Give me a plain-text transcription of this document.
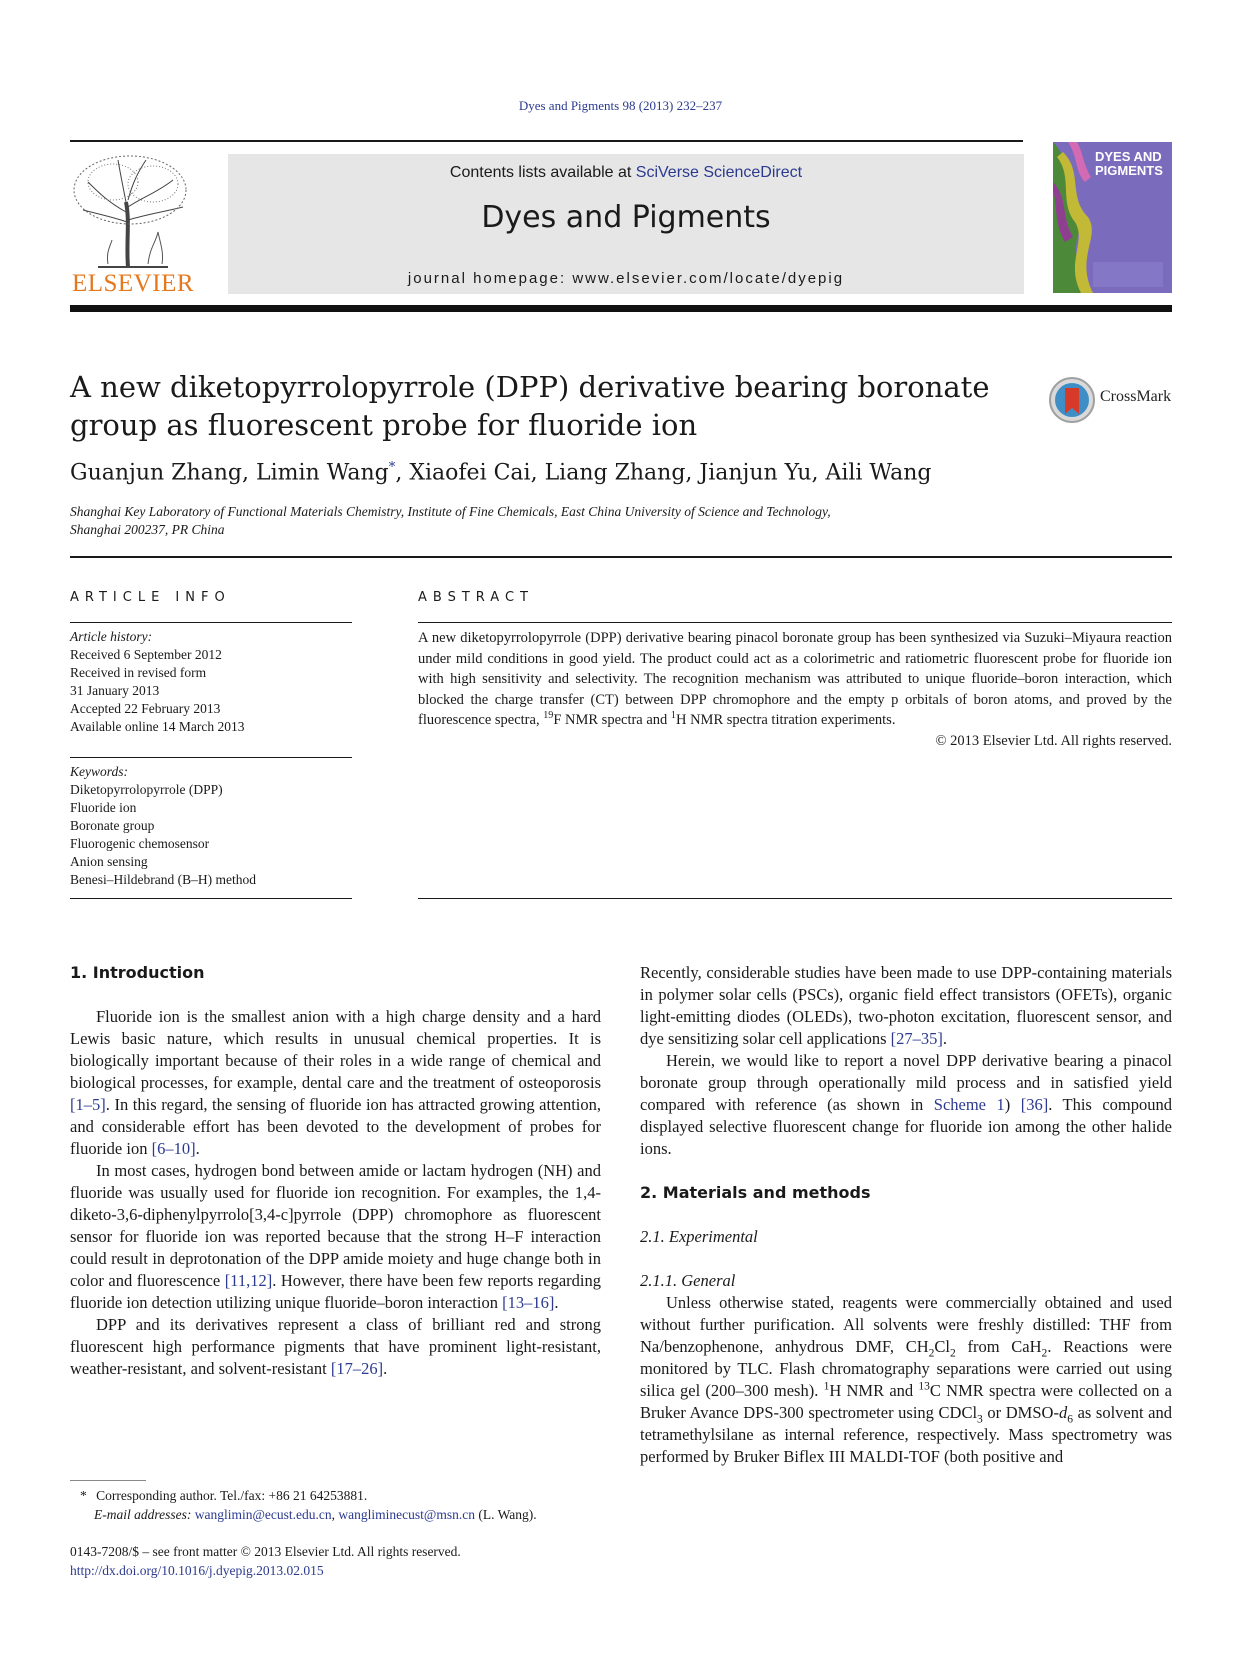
Dyes and Pigments 98 (2013) 232–237
ELSEVIER
Contents lists available at SciVerse ScienceDirect
Dyes and Pigments
journal homepage: www.elsevier.com/locate/dyepig
DYES AND PIGMENTS
A new diketopyrrolopyrrole (DPP) derivative bearing boronate group as fluorescent probe for fluoride ion
CrossMark
Guanjun Zhang, Limin Wang*, Xiaofei Cai, Liang Zhang, Jianjun Yu, Aili Wang
Shanghai Key Laboratory of Functional Materials Chemistry, Institute of Fine Chemicals, East China University of Science and Technology,
Shanghai 200237, PR China
ARTICLE INFO	ABSTRACT
Article history:
Received 6 September 2012
Received in revised form
31 January 2013
Accepted 22 February 2013
Available online 14 March 2013
Keywords:
Diketopyrrolopyrrole (DPP)
Fluoride ion
Boronate group
Fluorogenic chemosensor
Anion sensing
Benesi–Hildebrand (B–H) method
A new diketopyrrolopyrrole (DPP) derivative bearing pinacol boronate group has been synthesized via Suzuki–Miyaura reaction under mild conditions in good yield. The product could act as a colorimetric and ratiometric fluorescent probe for fluoride ion with high sensitivity and selectivity. The recognition mechanism was attributed to unique fluoride–boron interaction, which blocked the charge transfer (CT) between DPP chromophore and the empty p orbitals of boron atoms, and proved by the fluorescence spectra, $^{19}$F NMR spectra and $^1$H NMR spectra titration experiments.
© 2013 Elsevier Ltd. All rights reserved.
1. Introduction

Fluoride ion is the smallest anion with a high charge density and a hard Lewis basic nature, which results in unusual chemical properties. It is biologically important because of their roles in a wide range of chemical and biological processes, for example, dental care and the treatment of osteoporosis [1–5]. In this regard, the sensing of fluoride ion has attracted growing attention, and considerable effort has been devoted to the development of probes for fluoride ion [6–10].

In most cases, hydrogen bond between amide or lactam hydrogen (NH) and fluoride was usually used for fluoride ion recognition. For examples, the 1,4-diketo-3,6-diphenylpyrrolo[3,4-c]pyrrole (DPP) chromophore as fluorescent sensor for fluoride ion was reported because that the strong H–F interaction could result in deprotonation of the DPP amide moiety and huge change both in color and fluorescence [11,12]. However, there have been few reports regarding fluoride ion detection utilizing unique fluoride–boron interaction [13–16].

DPP and its derivatives represent a class of brilliant red and strong fluorescent high performance pigments that have prominent light-resistant, weather-resistant, and solvent-resistant [17–26].

Recently, considerable studies have been made to use DPP-containing materials in polymer solar cells (PSCs), organic field effect transistors (OFETs), organic light-emitting diodes (OLEDs), two-photon excitation, fluorescent sensor, and dye sensitizing solar cell applications [27–35].

Herein, we would like to report a novel DPP derivative bearing a pinacol boronate group through operationally mild process and in satisfied yield compared with reference (as shown in Scheme 1) [36]. This compound displayed selective fluorescent change for fluoride ion among the other halide ions.

2. Materials and methods
2.1. Experimental
2.1.1. General

Unless otherwise stated, reagents were commercially obtained and used without further purification. All solvents were freshly distilled: THF from Na/benzophenone, anhydrous DMF, $CH_2Cl_2$ from CaH$_2$. Reactions were monitored by TLC. Flash chromatography separations were carried out using silica gel (200–300 mesh). $^1$H NMR and $^{13}$C NMR spectra were collected on a Bruker Avance DPS-300 spectrometer using CDCl$_3$ or DMSO-$d_6$ as solvent and tetramethylsilane as internal reference, respectively. Mass spectrometry was performed by Bruker Biflex III MALDI-TOF (both positive and

* Corresponding author. Tel./fax: +86 21 64253881.
E-mail addresses: wanglimin@ecust.edu.cn, wangliminecust@msn.cn (L. Wang).
0143-7208/$ – see front matter © 2013 Elsevier Ltd. All rights reserved.
http://dx.doi.org/10.1016/j.dyepig.2013.02.015
